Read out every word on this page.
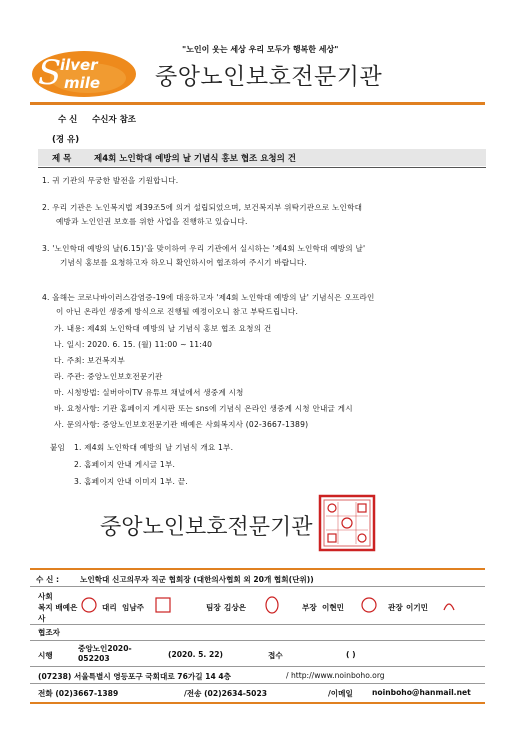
S
ilver
mile
"노인이 웃는 세상 우리 모두가 행복한 세상"
중앙노인보호전문기관
수 신 수신자 참조
(경 유)
제 목	제4회 노인학대 예방의 날 기념식 홍보 협조 요청의 건
1. 귀 기관의 무궁한 발전을 기원합니다.
2. 우리 기관은 노인복지법 제39조5에 의거 설립되었으며, 보건복지부 위탁기관으로 노인학대
예방과 노인인권 보호를 위한 사업을 진행하고 있습니다.
3. '노인학대 예방의 날(6.15)'을 맞이하여 우리 기관에서 실시하는 '제4회 노인학대 예방의 날'
기념식 홍보를 요청하고자 하오니 확인하시어 협조하여 주시기 바랍니다.
4. 올해는 코로나바이러스감염증-19에 대응하고자 '제4회 노인학대 예방의 날' 기념식은 오프라인
이 아닌 온라인 생중계 방식으로 진행될 예정이오니 참고 부탁드립니다.
가. 내용: 제4회 노인학대 예방의 날 기념식 홍보 협조 요청의 건
나. 일시: 2020. 6. 15. (월) 11:00 ~ 11:40
다. 주최: 보건복지부
라. 주관: 중앙노인보호전문기관
마. 시청방법: 실버아이TV 유튜브 채널에서 생중계 시청
바. 요청사항: 기관 홈페이지 게시판 또는 sns에 기념식 온라인 생중계 시청 안내글 게시
사. 문의사항: 중앙노인보호전문기관 배예은 사회복지사 (02-3667-1389)
붙임 1. 제4회 노인학대 예방의 날 기념식 개요 1부.
2. 홈페이지 안내 게시글 1부.
3. 홈페이지 안내 이미지 1부. 끝.
중앙노인보호전문기관
수 신 :	노인학대 신고의무자 직군 협회장 (대한의사협회 외 20개 협회(단위))
사회
복지 배예은
사
대리 임남주	팀장 김상은	부장 이현민	관장 이기민
협조자
시행
중앙노인2020-
052203	(2020. 5. 22)	접수	( )
(07238) 서울특별시 영등포구 국회대로 76가길 14 4층	/ http://www.noinboho.org
전화 (02)3667-1389	/전송 (02)2634-5023	/이메일	noinboho@hanmail.net
